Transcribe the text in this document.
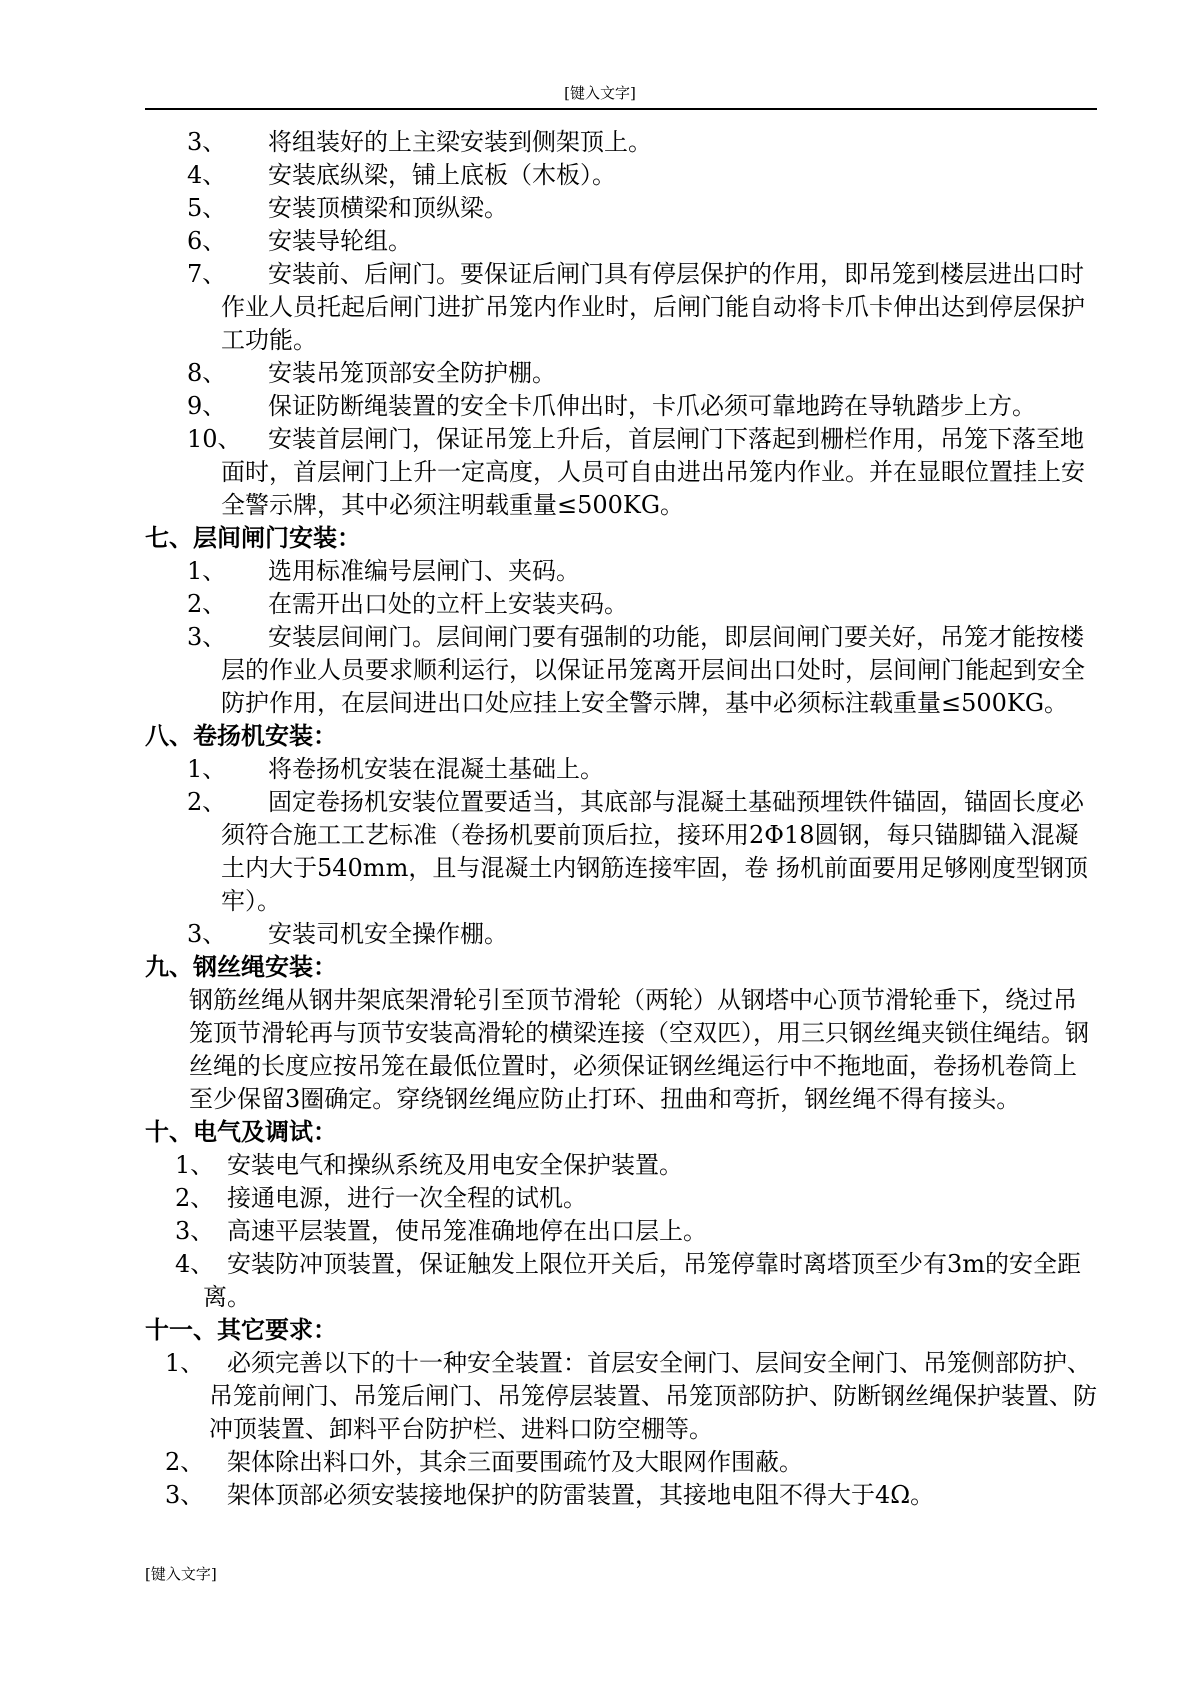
[键入文字]
3、 将组装好的上主梁安装到侧架顶上。
4、 安装底纵梁，铺上底板（木板）。
5、 安装顶横梁和顶纵梁。
6、 安装导轮组。
7、	安装前、后闸门。要保证后闸门具有停层保护的作用，即吊笼到楼层进出口时作业人员托起后闸门进扩吊笼内作业时，后闸门能自动将卡爪卡伸出达到停层保护工功能。
8、 安装吊笼顶部安全防护棚。
9、	保证防断绳装置的安全卡爪伸出时，卡爪必须可靠地跨在导轨踏步上方。
10、	安装首层闸门，保证吊笼上升后，首层闸门下落起到栅栏作用，吊笼下落至地面时，首层闸门上升一定高度，人员可自由进出吊笼内作业。并在显眼位置挂上安全警示牌，其中必须注明载重量≤500KG。
七、层间闸门安装：
1、 选用标准编号层闸门、夹码。
2、 在需开出口处的立杆上安装夹码。
3、	安装层间闸门。层间闸门要有强制的功能，即层间闸门要关好，吊笼才能按楼层的作业人员要求顺利运行，以保证吊笼离开层间出口处时，层间闸门能起到安全防护作用，在层间进出口处应挂上安全警示牌，基中必须标注载重量≤500KG。
八、卷扬机安装：
1、 将卷扬机安装在混凝土基础上。
2、	固定卷扬机安装位置要适当，其底部与混凝土基础预埋铁件锚固，锚固长度必须符合施工工艺标准（卷扬机要前顶后拉，接环用2Φ18圆钢，每只锚脚锚入混凝土内大于540mm，且与混凝土内钢筋连接牢固，卷 扬机前面要用足够刚度型钢顶牢）。
3、 安装司机安全操作棚。
九、钢丝绳安装：

钢筋丝绳从钢井架底架滑轮引至顶节滑轮（两轮）从钢塔中心顶节滑轮垂下，绕过吊笼顶节滑轮再与顶节安装高滑轮的横梁连接（空双匹），用三只钢丝绳夹锁住绳结。钢丝绳的长度应按吊笼在最低位置时，必须保证钢丝绳运行中不拖地面，卷扬机卷筒上至少保留3圈确定。穿绕钢丝绳应防止打环、扭曲和弯折，钢丝绳不得有接头。

十、电气及调试：
1、 安装电气和操纵系统及用电安全保护装置。
2、 接通电源，进行一次全程的试机。
3、 高速平层装置，使吊笼准确地停在出口层上。
4、 安装防冲顶装置，保证触发上限位开关后，吊笼停靠时离塔顶至少有3m的安全距离。
十一、其它要求：
1、 必须完善以下的十一种安全装置：首层安全闸门、层间安全闸门、吊笼侧部防护、吊笼前闸门、吊笼后闸门、吊笼停层装置、吊笼顶部防护、防断钢丝绳保护装置、防冲顶装置、卸料平台防护栏、进料口防空棚等。
2、 架体除出料口外，其余三面要围疏竹及大眼网作围蔽。
3、 架体顶部必须安装接地保护的防雷装置，其接地电阻不得大于4Ω。
[键入文字]
